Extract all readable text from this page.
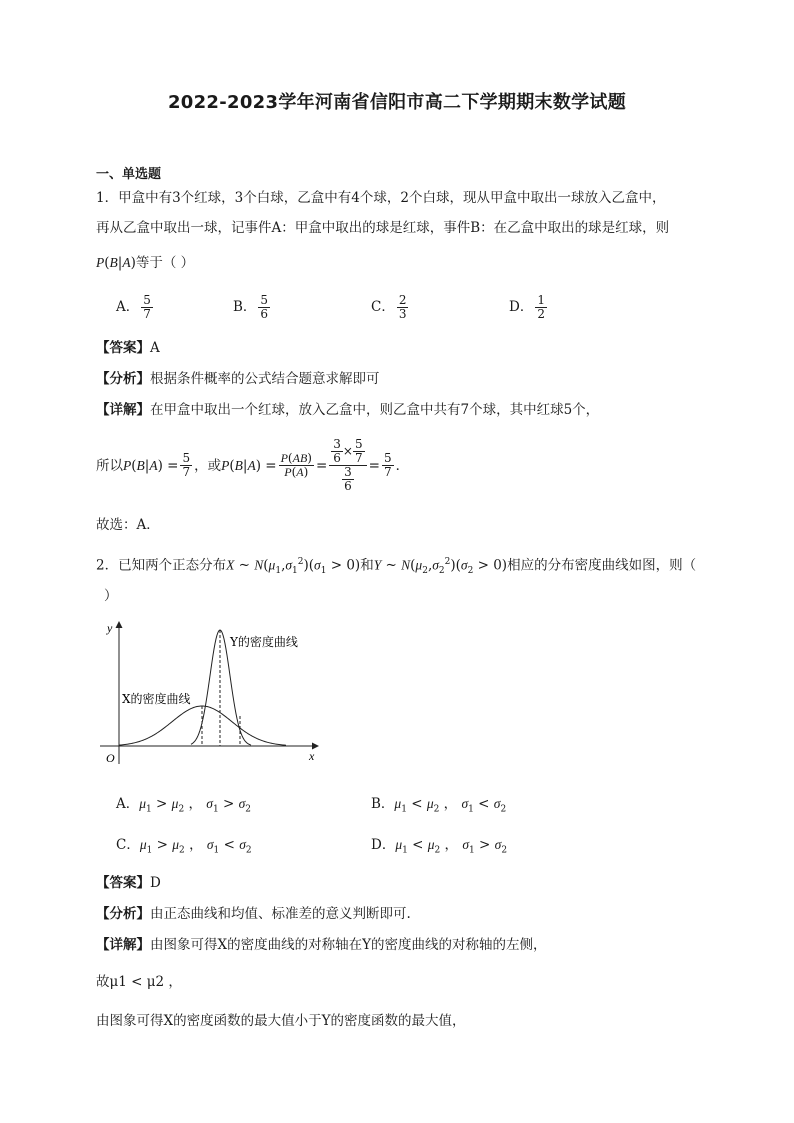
2022-2023学年河南省信阳市高二下学期期末数学试题
一、单选题
1．甲盒中有3个红球，3个白球，乙盒中有4个球，2个白球，现从甲盒中取出一球放入乙盒中，
再从乙盒中取出一球，记事件A：甲盒中取出的球是红球，事件B：在乙盒中取出的球是红球，则
P(B|A)等于（ ）
A． $\frac{5}{7}$	B． $\frac{5}{6}$	C． $\frac{2}{3}$	D． $\frac{1}{2}$
【答案】A
【分析】根据条件概率的公式结合题意求解即可
【详解】在甲盒中取出一个红球，放入乙盒中，则乙盒中共有7个球，其中红球5个，
所以$P(B|A) = \frac{5}{7}$ ，或$P(B|A) = \frac{P(AB)}{P(A)} = \frac{\frac{3}{6} \times \frac{5}{7}}{\frac{3}{6}} = \frac{5}{7}$ ．
故选：A．
2．已知两个正态分布X ~ $N(\mu_1,\sigma_1^2)(\sigma_1 > 0)$和Y ~ $N(\mu_2,\sigma_2^2)(\sigma_2 > 0)$相应的分布密度曲线如图，则（
）
y
x
O
Y的密度曲线
X的密度曲线
A．$\mu_1 > \mu_2$ ， $\sigma_1 > \sigma_2$	B．$\mu_1 < \mu_2$ ， $\sigma_1 < \sigma_2$
C．$\mu_1 > \mu_2$ ， $\sigma_1 < \sigma_2$	D．$\mu_1 < \mu_2$ ， $\sigma_1 > \sigma_2$
【答案】D
【分析】由正态曲线和均值、标准差的意义判断即可.
【详解】由图象可得X的密度曲线的对称轴在Y的密度曲线的对称轴的左侧，
故μ1 < μ2 ，
由图象可得X的密度函数的最大值小于Y的密度函数的最大值，
